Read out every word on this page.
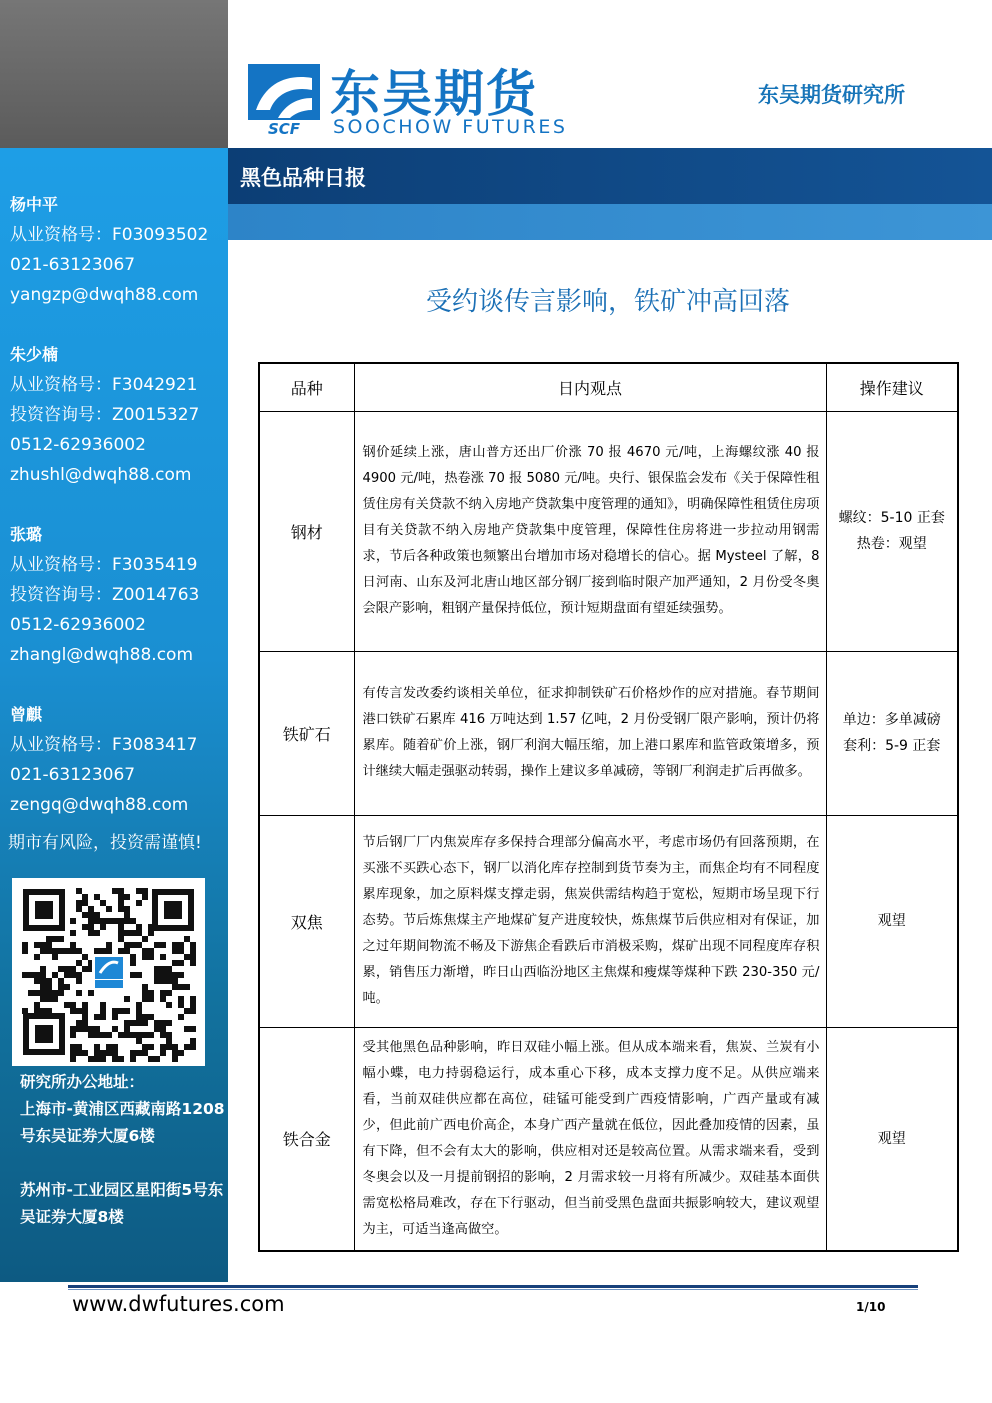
杨中平
从业资格号：F03093502
021-63123067
yangzp@dwqh88.com
朱少楠
从业资格号：F3042921
投资咨询号：Z0015327
0512-62936002
zhushl@dwqh88.com
张璐
从业资格号：F3035419
投资咨询号：Z0014763
0512-62936002
zhangl@dwqh88.com
曾麒
从业资格号：F3083417
021-63123067
zengq@dwqh88.com
期市有风险，投资需谨慎!
研究所办公地址：
上海市-黄浦区西藏南路1208号东吴证券大厦6楼
苏州市-工业园区星阳街5号东吴证券大厦8楼
SCF
东吴期货
SOOCHOW FUTURES
东吴期货研究所
黑色品种日报
受约谈传言影响，铁矿冲高回落
品种	日内观点	操作建议
钢材	钢价延续上涨，唐山普方还出厂价涨 70 报 4670 元/吨，上海螺纹涨 40 报 4900 元/吨，热卷涨 70 报 5080 元/吨。央行、银保监会发布《关于保障性租赁住房有关贷款不纳入房地产贷款集中度管理的通知》，明确保障性租赁住房项目有关贷款不纳入房地产贷款集中度管理，保障性住房将进一步拉动用钢需求，节后各种政策也频繁出台增加市场对稳增长的信心。据 Mysteel 了解，8 日河南、山东及河北唐山地区部分钢厂接到临时限产加严通知，2 月份受冬奥会限产影响，粗钢产量保持低位，预计短期盘面有望延续强势。	螺纹：5-10 正套
热卷：观望

铁矿石	有传言发改委约谈相关单位，征求抑制铁矿石价格炒作的应对措施。春节期间港口铁矿石累库 416 万吨达到 1.57 亿吨，2 月份受钢厂限产影响，预计仍将累库。随着矿价上涨，钢厂利润大幅压缩，加上港口累库和监管政策增多，预计继续大幅走强驱动转弱，操作上建议多单减磅，等钢厂利润走扩后再做多。	单边：多单减磅
套利：5-9 正套

双焦	节后钢厂厂内焦炭库存多保持合理部分偏高水平，考虑市场仍有回落预期，在买涨不买跌心态下，钢厂以消化库存控制到货节奏为主，而焦企均有不同程度累库现象，加之原料煤支撑走弱，焦炭供需结构趋于宽松，短期市场呈现下行态势。节后炼焦煤主产地煤矿复产进度较快，炼焦煤节后供应相对有保证，加之过年期间物流不畅及下游焦企看跌后市消极采购，煤矿出现不同程度库存积累，销售压力渐增，昨日山西临汾地区主焦煤和瘦煤等煤种下跌 230-350 元/吨。	观望

铁合金	受其他黑色品种影响，昨日双硅小幅上涨。但从成本端来看，焦炭、兰炭有小幅小蝶，电力持弱稳运行，成本重心下移，成本支撑力度不足。从供应端来看，当前双硅供应都在高位，硅锰可能受到广西疫情影响，广西产量或有减少，但此前广西电价高企，本身广西产量就在低位，因此叠加疫情的因素，虽有下降，但不会有太大的影响，供应相对还是较高位置。从需求端来看，受到冬奥会以及一月提前钢招的影响，2 月需求较一月将有所减少。双硅基本面供需宽松格局难改，存在下行驱动，但当前受黑色盘面共振影响较大，建议观望为主，可适当逢高做空。	观望
www.dwfutures.com	1/10
